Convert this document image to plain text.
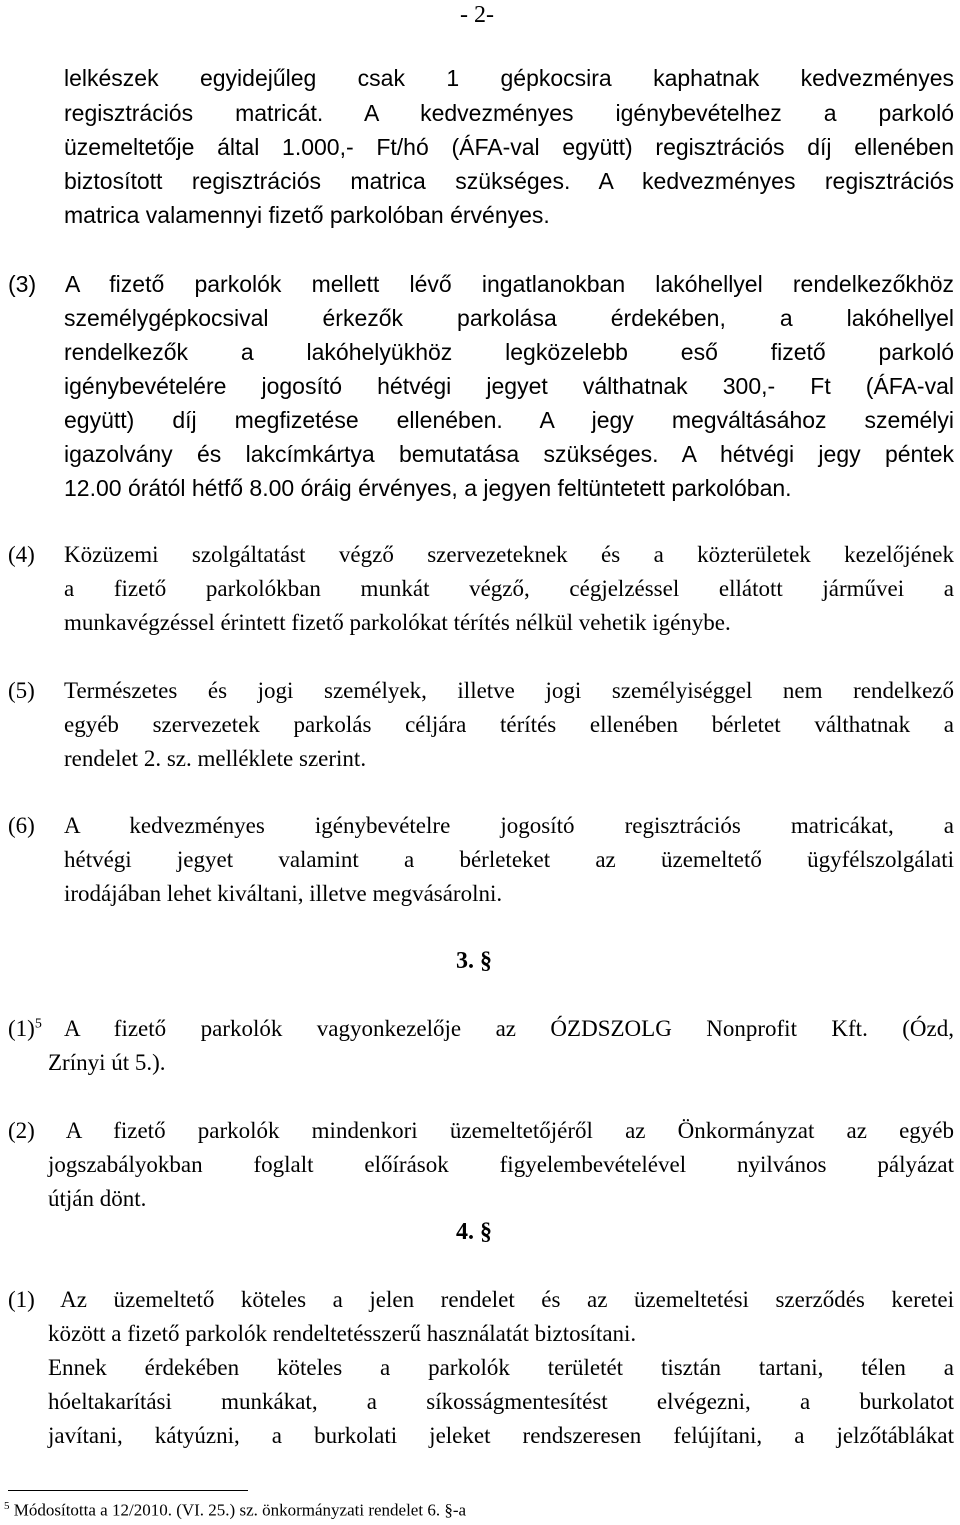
- 2-
lelkészek egyidejűleg csak 1 gépkocsira kaphatnak kedvezményes
regisztrációs matricát. A kedvezményes igénybevételhez a parkoló
üzemeltetője által 1.000,- Ft/hó (ÁFA-val együtt) regisztrációs díj ellenében
biztosított regisztrációs matrica szükséges. A kedvezményes regisztrációs
matrica valamennyi fizető parkolóban érvényes.
(3) A fizető parkolók mellett lévő ingatlanokban lakóhellyel rendelkezőkhöz
személygépkocsival érkezők parkolása érdekében, a lakóhellyel
rendelkezők a lakóhelyükhöz legközelebb eső fizető parkoló
igénybevételére jogosító hétvégi jegyet válthatnak 300,- Ft (ÁFA-val
együtt) díj megfizetése ellenében. A jegy megváltásához személyi
igazolvány és lakcímkártya bemutatása szükséges. A hétvégi jegy péntek
12.00 órától hétfő 8.00 óráig érvényes, a jegyen feltüntetett parkolóban.
(4) Közüzemi szolgáltatást végző szervezeteknek és a közterületek kezelőjének
a fizető parkolókban munkát végző, cégjelzéssel ellátott járművei a
munkavégzéssel érintett fizető parkolókat térítés nélkül vehetik igénybe.
(5) Természetes és jogi személyek, illetve jogi személyiséggel nem rendelkező
egyéb szervezetek parkolás céljára térítés ellenében bérletet válthatnak a
rendelet 2. sz. melléklete szerint.
(6) A kedvezményes igénybevételre jogosító regisztrációs matricákat, a
hétvégi jegyet valamint a bérleteket az üzemeltető ügyfélszolgálati
irodájában lehet kiváltani, illetve megvásárolni.
3. §
$(1)^5$ A fizető parkolók vagyonkezelője az ÓZDSZOLG Nonprofit Kft. (Ózd,
Zrínyi út 5.).
(2) A fizető parkolók mindenkori üzemeltetőjéről az Önkormányzat az egyéb
jogszabályokban foglalt előírások figyelembevételével nyilvános pályázat
útján dönt.
4. §
(1) Az üzemeltető köteles a jelen rendelet és az üzemeltetési szerződés keretei
között a fizető parkolók rendeltetésszerű használatát biztosítani.
Ennek érdekében köteles a parkolók területét tisztán tartani, télen a
hóeltakarítási munkákat, a síkosságmentesítést elvégezni, a burkolatot
javítani, kátyúzni, a burkolati jeleket rendszeresen felújítani, a jelzőtáblákat
$^5$ Módosította a 12/2010. (VI. 25.) sz. önkormányzati rendelet 6. §-a
